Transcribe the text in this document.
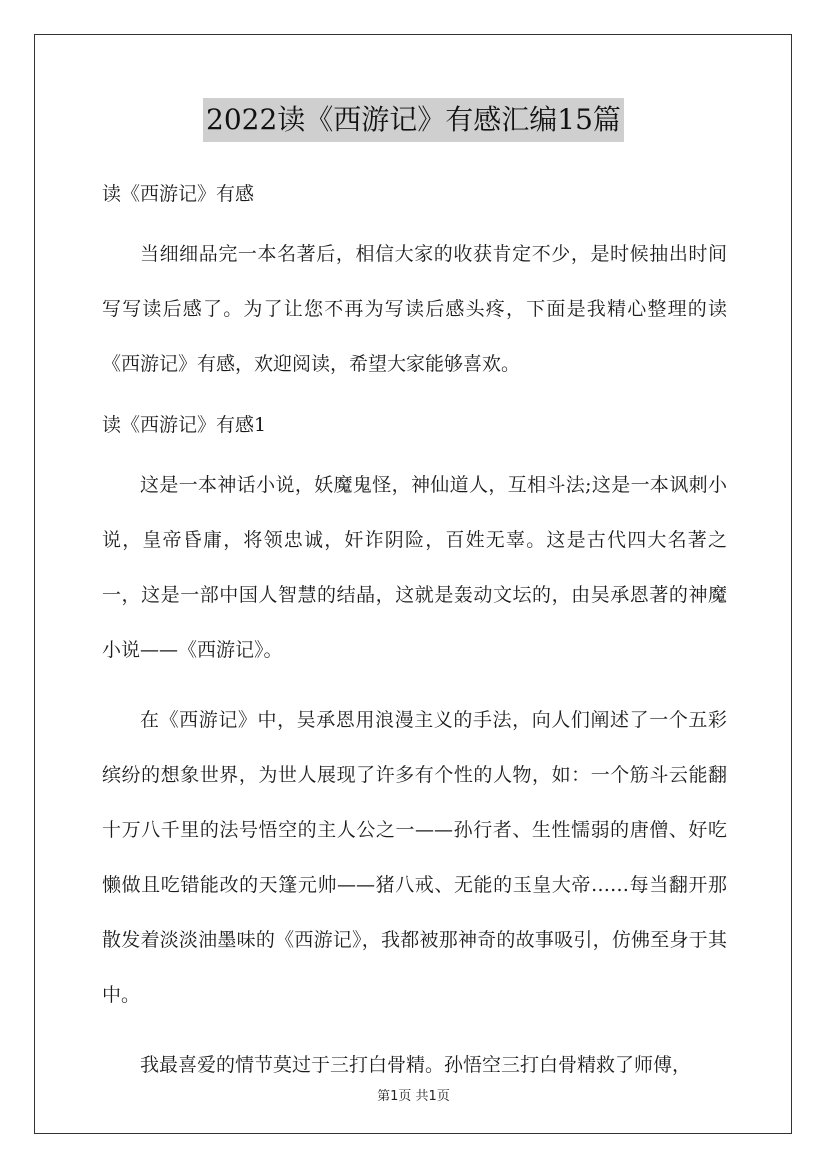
2022读《西游记》有感汇编15篇
读《西游记》有感

当细细品完一本名著后，相信大家的收获肯定不少，是时候抽出时间写写读后感了。为了让您不再为写读后感头疼，下面是我精心整理的读《西游记》有感，欢迎阅读，希望大家能够喜欢。

读《西游记》有感1

这是一本神话小说，妖魔鬼怪，神仙道人，互相斗法;这是一本讽刺小说，皇帝昏庸，将领忠诚，奸诈阴险，百姓无辜。这是古代四大名著之一，这是一部中国人智慧的结晶，这就是轰动文坛的，由吴承恩著的神魔小说——《西游记》。

在《西游记》中，吴承恩用浪漫主义的手法，向人们阐述了一个五彩缤纷的想象世界，为世人展现了许多有个性的人物，如：一个筋斗云能翻十万八千里的法号悟空的主人公之一——孙行者、生性懦弱的唐僧、好吃懒做且吃错能改的天篷元帅——猪八戒、无能的玉皇大帝……每当翻开那散发着淡淡油墨味的《西游记》，我都被那神奇的故事吸引，仿佛至身于其中。

我最喜爱的情节莫过于三打白骨精。孙悟空三打白骨精救了师傅，

第1页 共1页
